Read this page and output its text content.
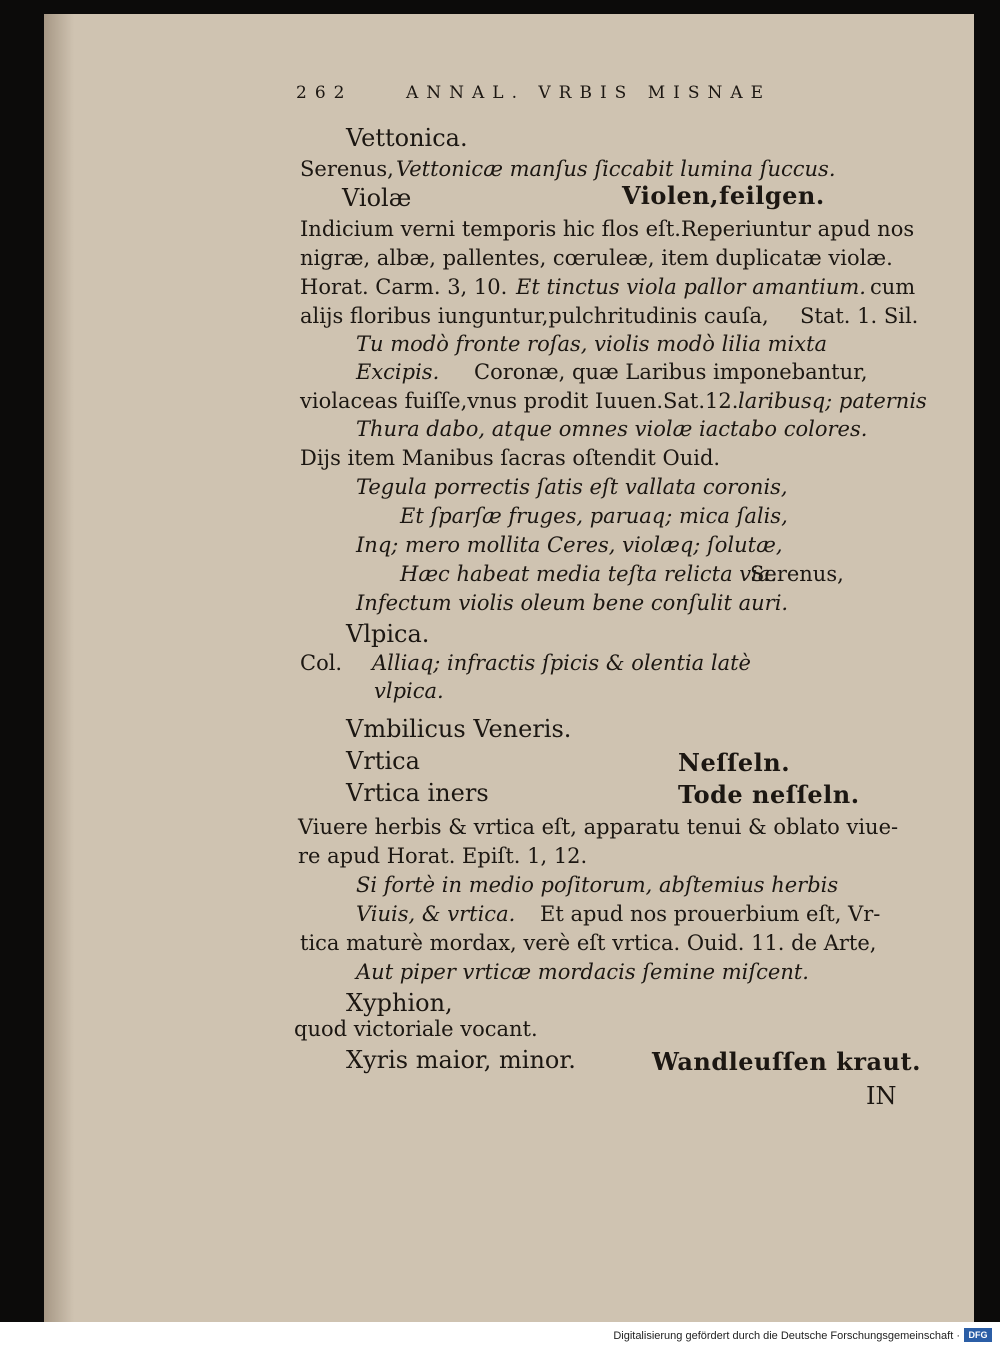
262	ANNAL. VRBIS MISNAE
Vettonica.
Serenus, Vettonicæ manſus ſiccabit lumina ſuccus.
Violæ	Violen,feilgen.
Indicium verni temporis hic flos eſt.Reperiuntur apud nos
nigræ, albæ, pallentes, cœruleæ, item duplicatæ violæ.
Horat. Carm. 3, 10. Et tinctus viola pallor amantium. cum
alijs floribus iunguntur,pulchritudinis cauſa, Stat. 1. Sil.
Tu modò fronte roſas, violis modò lilia mixta
Excipis. Coronæ, quæ Laribus imponebantur,
violaceas fuiſſe,vnus prodit Iuuen.Sat.12. laribusq; paternis
Thura dabo, atque omnes violæ iactabo colores.
Dijs item Manibus ſacras oſtendit Ouid.
Tegula porrectis ſatis eſt vallata coronis,
Et ſparſæ fruges, paruaq; mica ſalis,
Inq; mero mollita Ceres, violæq; ſolutæ,
Hæc habeat media teſta relicta via.
Serenus,
Infectum violis oleum bene conſulit auri.
Vlpica.
Col. Alliaq; infractis ſpicis & olentia latè
vlpica.
Vmbilicus Veneris.
Vrtica	Neſſeln.
Vrtica iners	Tode neſſeln.
Viuere herbis & vrtica eſt, apparatu tenui & oblato viue-
re apud Horat. Epiſt. 1, 12.
Si fortè in medio poſitorum, abſtemius herbis
Viuis, & vrtica. Et apud nos prouerbium eſt, Vr-
tica maturè mordax, verè eſt vrtica. Ouid. 11. de Arte,
Aut piper vrticæ mordacis ſemine miſcent.
Xyphion,
quod victoriale vocant.
Xyris maior, minor.	Wandleuſſen kraut.
IN
Digitalisierung gefördert durch die Deutsche Forschungsgemeinschaft · DFG
